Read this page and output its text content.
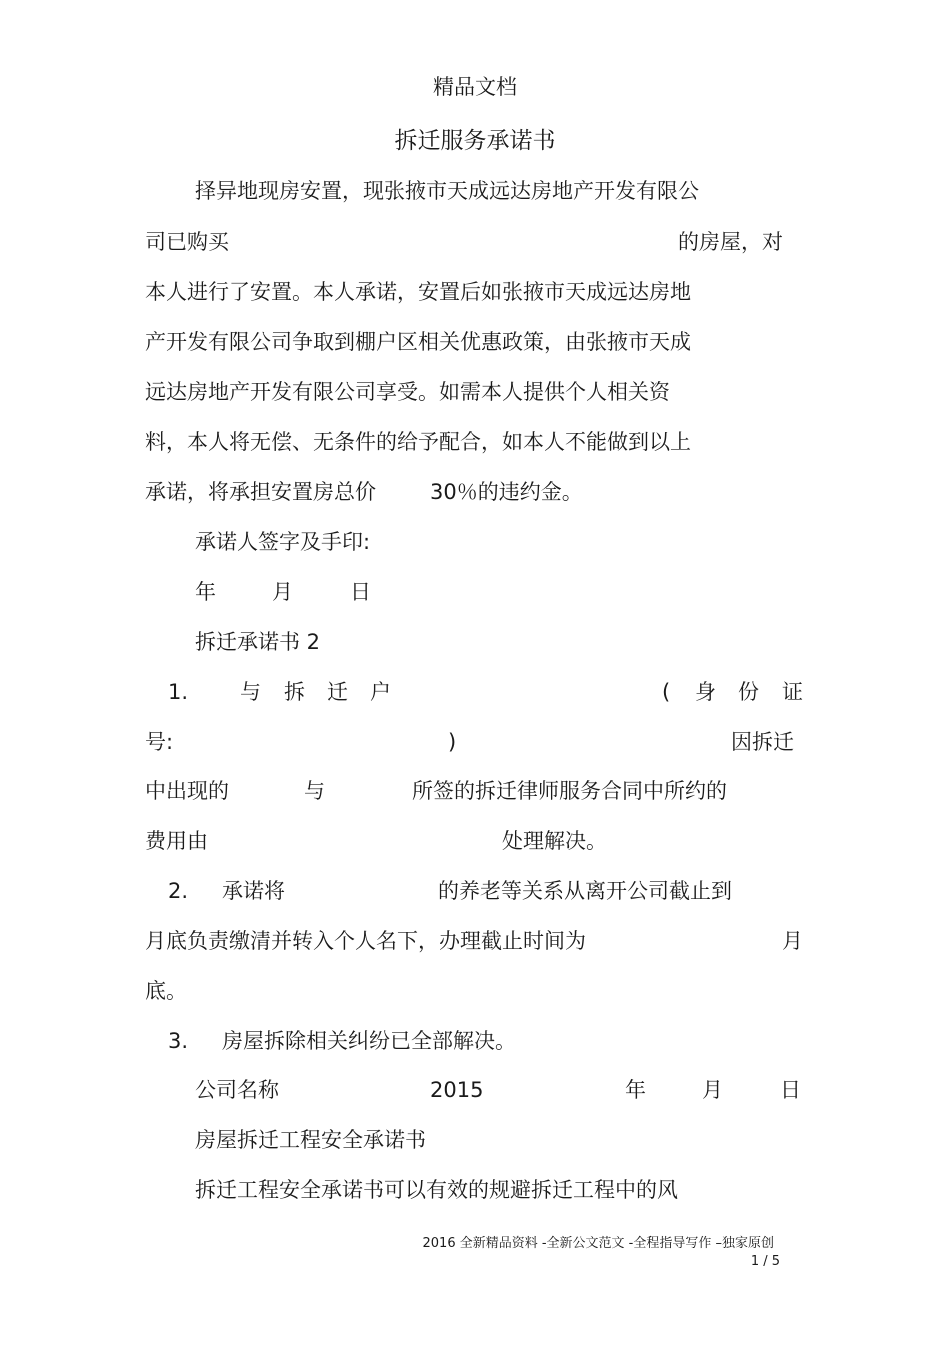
精品文档
拆迁服务承诺书
择异地现房安置，现张掖市天成远达房地产开发有限公
司已购买	的房屋，对
本人进行了安置。本人承诺，安置后如张掖市天成远达房地
产开发有限公司争取到棚户区相关优惠政策，由张掖市天成
远达房地产开发有限公司享受。如需本人提供个人相关资
料，本人将无偿、无条件的给予配合，如本人不能做到以上
承诺，将承担安置房总价	30％的违约金。
承诺人签字及手印:
年	月	日
拆迁承诺书 2
1. 与 拆 迁 户	( 身 份 证
号:	)	因拆迁
中出现的	与	所签的拆迁律师服务合同中所约的
费用由	处理解决。
2. 承诺将	的养老等关系从离开公司截止到
月底负责缴清并转入个人名下，办理截止时间为	月
底。
3. 房屋拆除相关纠纷已全部解决。
公司名称	2015	年	月	日
房屋拆迁工程安全承诺书
拆迁工程安全承诺书可以有效的规避拆迁工程中的风
2016 全新精品资料 -全新公文范文 -全程指导写作 –独家原创
1 / 5
